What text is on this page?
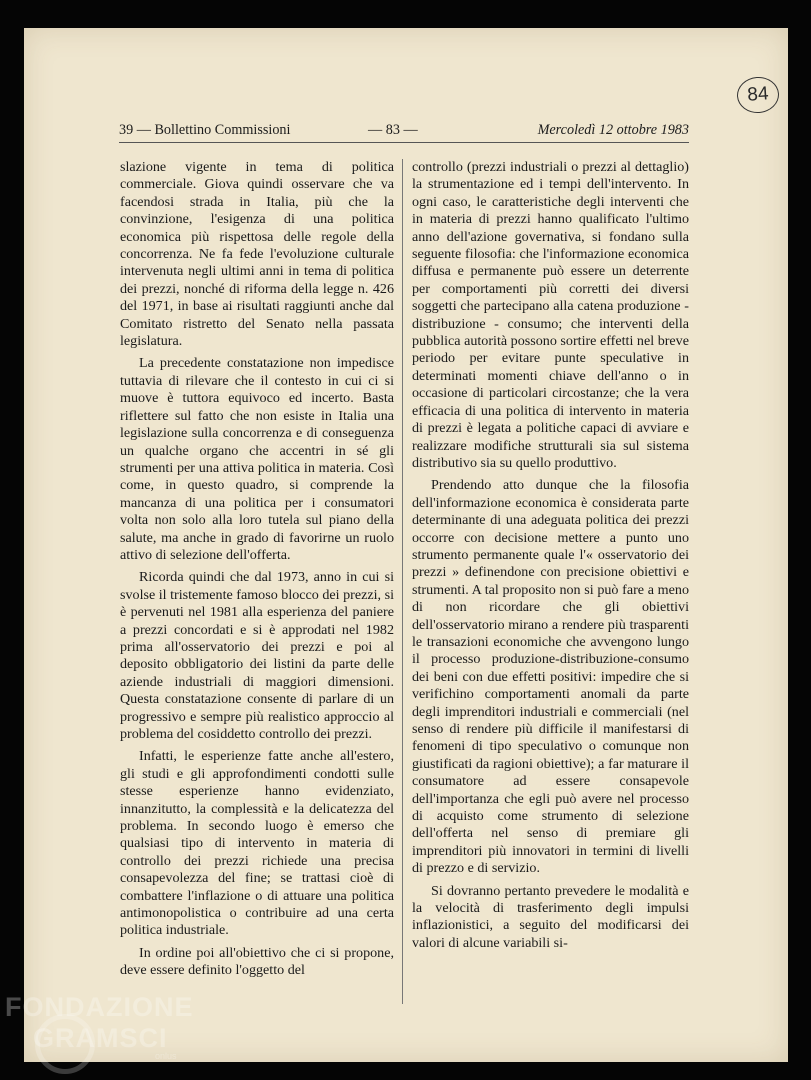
84
39 — Bollettino Commissioni	— 83 —	Mercoledì 12 ottobre 1983

slazione vigente in tema di politica commerciale. Giova quindi osservare che va facendosi strada in Italia, più che la convinzione, l'esigenza di una politica economica più rispettosa delle regole della concorrenza. Ne fa fede l'evoluzione culturale intervenuta negli ultimi anni in tema di politica dei prezzi, nonché di riforma della legge n. 426 del 1971, in base ai risultati raggiunti anche dal Comitato ristretto del Senato nella passata legislatura.

La precedente constatazione non impedisce tuttavia di rilevare che il contesto in cui ci si muove è tuttora equivoco ed incerto. Basta riflettere sul fatto che non esiste in Italia una legislazione sulla concorrenza e di conseguenza un qualche organo che accentri in sé gli strumenti per una attiva politica in materia. Così come, in questo quadro, si comprende la mancanza di una politica per i consumatori volta non solo alla loro tutela sul piano della salute, ma anche in grado di favorirne un ruolo attivo di selezione dell'offerta.

Ricorda quindi che dal 1973, anno in cui si svolse il tristemente famoso blocco dei prezzi, si è pervenuti nel 1981 alla esperienza del paniere a prezzi concordati e si è approdati nel 1982 prima all'osservatorio dei prezzi e poi al deposito obbligatorio dei listini da parte delle aziende industriali di maggiori dimensioni. Questa constatazione consente di parlare di un progressivo e sempre più realistico approccio al problema del cosiddetto controllo dei prezzi.

Infatti, le esperienze fatte anche all'estero, gli studi e gli approfondimenti condotti sulle stesse esperienze hanno evidenziato, innanzitutto, la complessità e la delicatezza del problema. In secondo luogo è emerso che qualsiasi tipo di intervento in materia di controllo dei prezzi richiede una precisa consapevolezza del fine; se trattasi cioè di combattere l'inflazione o di attuare una politica antimonopolistica o contribuire ad una certa politica industriale.

In ordine poi all'obiettivo che ci si propone, deve essere definito l'oggetto del

controllo (prezzi industriali o prezzi al dettaglio) la strumentazione ed i tempi dell'intervento. In ogni caso, le caratteristiche degli interventi che in materia di prezzi hanno qualificato l'ultimo anno dell'azione governativa, si fondano sulla seguente filosofia: che l'informazione economica diffusa e permanente può essere un deterrente per comportamenti più corretti dei diversi soggetti che partecipano alla catena produzione - distribuzione - consumo; che interventi della pubblica autorità possono sortire effetti nel breve periodo per evitare punte speculative in determinati momenti chiave dell'anno o in occasione di particolari circostanze; che la vera efficacia di una politica di intervento in materia di prezzi è legata a politiche capaci di avviare e realizzare modifiche strutturali sia sul sistema distributivo sia su quello produttivo.

Prendendo atto dunque che la filosofia dell'informazione economica è considerata parte determinante di una adeguata politica dei prezzi occorre con decisione mettere a punto uno strumento permanente quale l'« osservatorio dei prezzi » definendone con precisione obiettivi e strumenti. A tal proposito non si può fare a meno di non ricordare che gli obiettivi dell'osservatorio mirano a rendere più trasparenti le transazioni economiche che avvengono lungo il processo produzione-distribuzione-consumo dei beni con due effetti positivi: impedire che si verifichino comportamenti anomali da parte degli imprenditori industriali e commerciali (nel senso di rendere più difficile il manifestarsi di fenomeni di tipo speculativo o comunque non giustificati da ragioni obiettive); a far maturare il consumatore ad essere consapevole dell'importanza che egli può avere nel processo di acquisto come strumento di selezione dell'offerta nel senso di premiare gli imprenditori più innovatori in termini di livelli di prezzo e di servizio.

Si dovranno pertanto prevedere le modalità e la velocità di trasferimento degli impulsi inflazionistici, a seguito del modificarsi dei valori di alcune variabili si-

FONDAZIONE
GRAMSCI
onlus
